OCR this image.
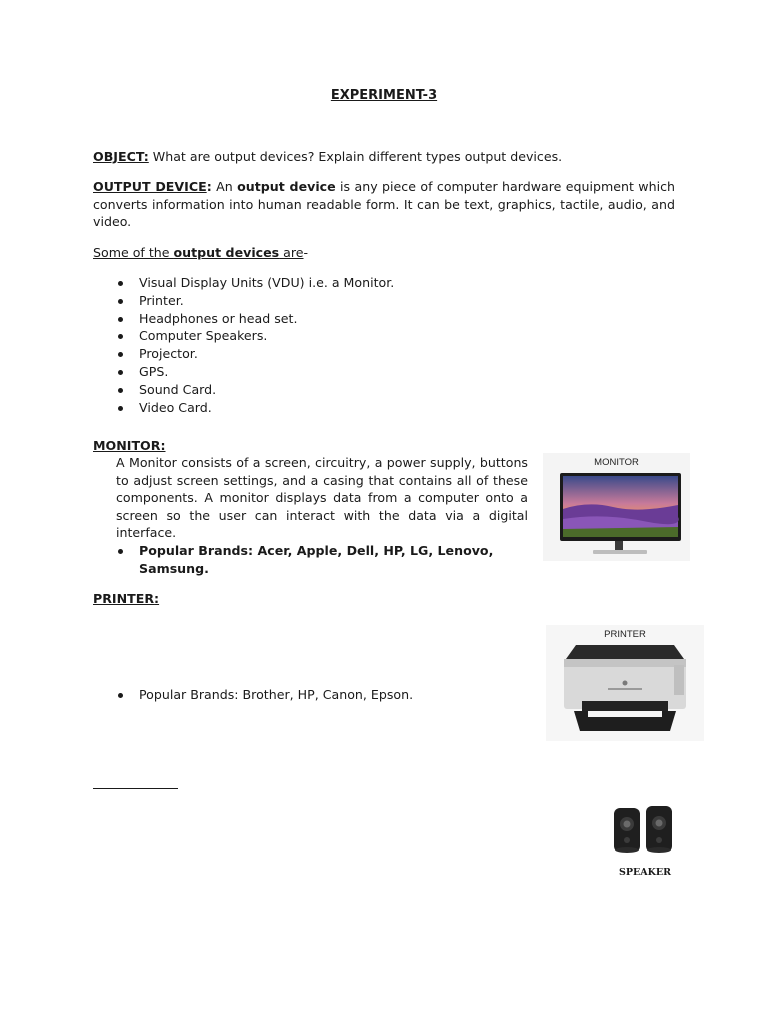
EXPERIMENT-3
OBJECT: What are output devices? Explain different types output devices.
OUTPUT DEVICE: An output device is any piece of computer hardware equipment which converts information into human readable form. It can be text, graphics, tactile, audio, and video.
Some of the output devices are-
Visual Display Units (VDU) i.e. a Monitor.
Printer.
Headphones or head set.
Computer Speakers.
Projector.
GPS.
Sound Card.
Video Card.
MONITOR:
A Monitor consists of a screen, circuitry, a power supply, buttons to adjust screen settings, and a casing that contains all of these components. A monitor displays data from a computer onto a screen so the user can interact with the data via a digital interface.
Popular Brands: Acer, Apple, Dell, HP, LG, Lenovo, Samsung.
MONITOR
PRINTER:
Popular Brands: Brother, HP, Canon, Epson.
PRINTER
SPEAKER
